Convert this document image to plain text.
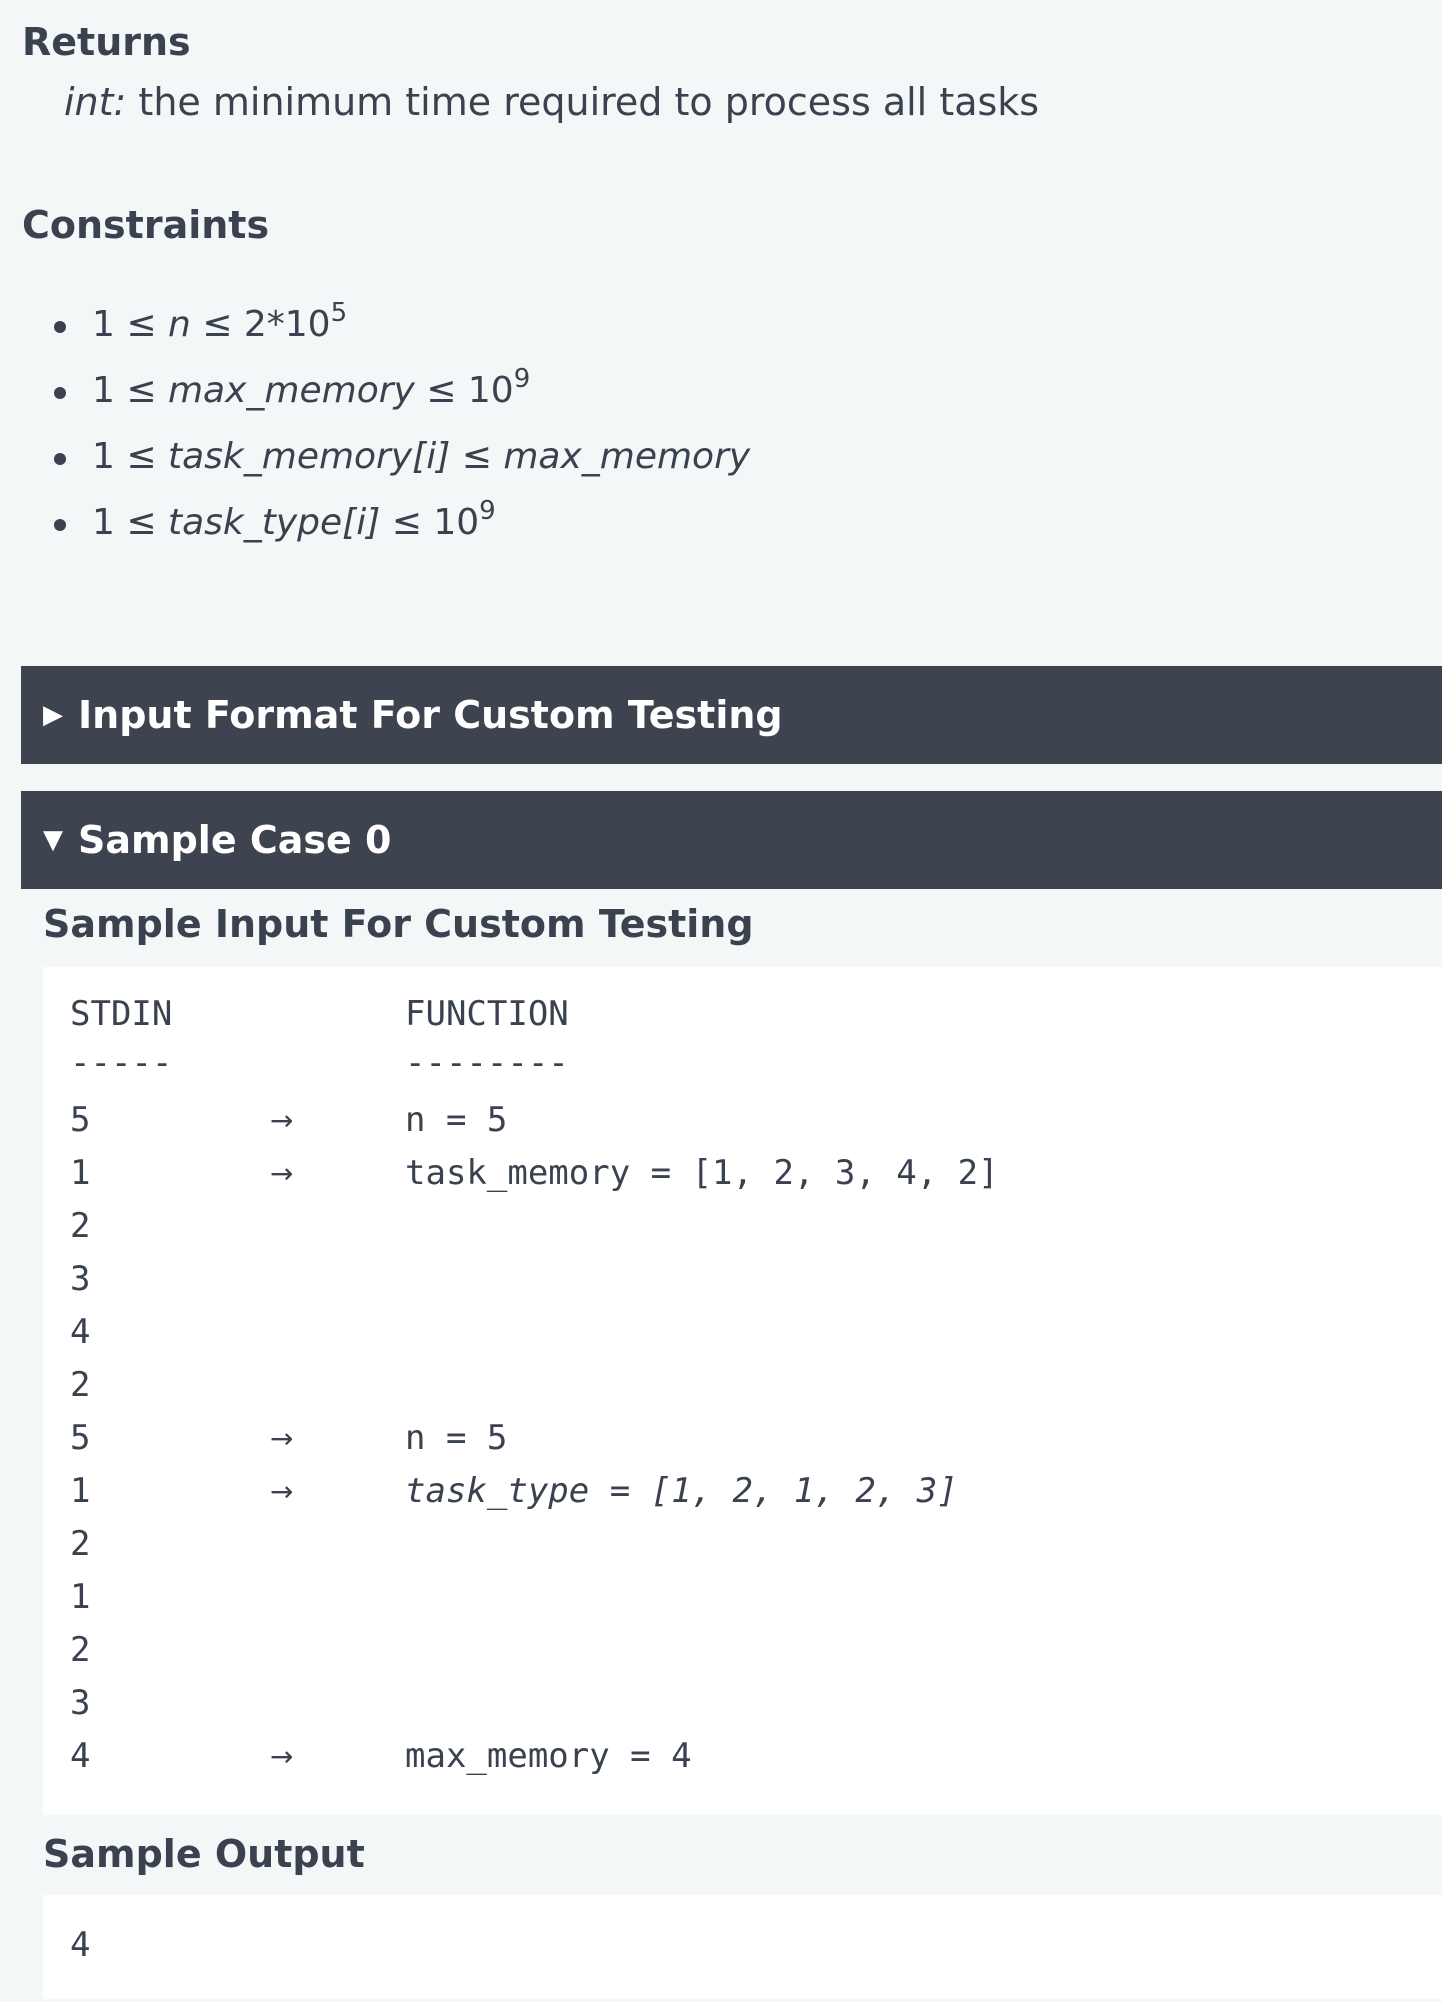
Returns
int: the minimum time required to process all tasks
Constraints
$1 \le n \le 2*10^5$
1 ≤ max_memory ≤ $10^9$
1 ≤ task_memory[i] ≤ max_memory
1 ≤ task_type[i] ≤ $10^9$
▶ Input Format For Custom Testing
▼ Sample Case 0
Sample Input For Custom Testing
STDIN	FUNCTION
-----	--------
5	→	n = 5
1	→	task_memory = [1, 2, 3, 4, 2]
2
3
4
2
5	→	n = 5
1	→	task_type = [1, 2, 1, 2, 3]
2
1
2
3
4	→	max_memory = 4
Sample Output
4
